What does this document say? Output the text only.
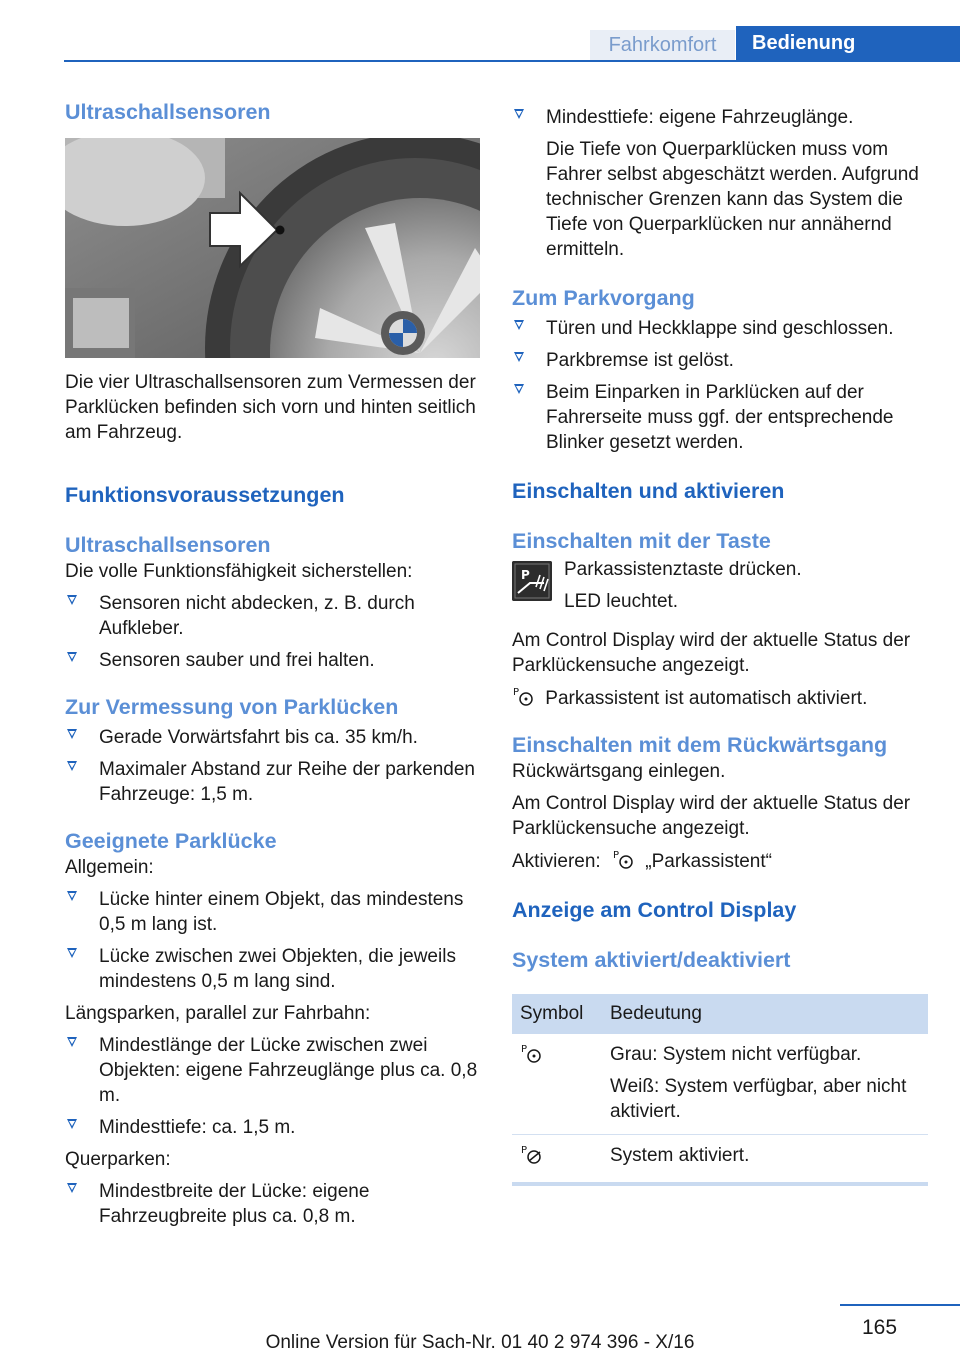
Fahrkomfort	Bedienung
Ultraschallsensoren

Die vier Ultraschallsensoren zum Vermessen der Parklücken befinden sich vorn und hinten seitlich am Fahrzeug.

Funktionsvoraussetzungen
Ultraschallsensoren

Die volle Funktionsfähigkeit sicherstellen:

Sensoren nicht abdecken, z. B. durch Aufkleber.
Sensoren sauber und frei halten.
Zur Vermessung von Parklücken
Gerade Vorwärtsfahrt bis ca. 35 km/h.
Maximaler Abstand zur Reihe der parkenden Fahrzeuge: 1,5 m.
Geeignete Parklücke

Allgemein:

Lücke hinter einem Objekt, das mindestens 0,5 m lang ist.
Lücke zwischen zwei Objekten, die jeweils mindestens 0,5 m lang sind.

Längsparken, parallel zur Fahrbahn:

Mindestlänge der Lücke zwischen zwei Objekten: eigene Fahrzeuglänge plus ca. 0,8 m.
Mindesttiefe: ca. 1,5 m.

Querparken:

Mindestbreite der Lücke: eigene Fahrzeugbreite plus ca. 0,8 m.
Mindesttiefe: eigene Fahrzeuglänge.

Die Tiefe von Querparklücken muss vom Fahrer selbst abgeschätzt werden. Aufgrund technischer Grenzen kann das System die Tiefe von Querparklücken nur annähernd ermitteln.

Zum Parkvorgang
Türen und Heckklappe sind geschlossen.
Parkbremse ist gelöst.
Beim Einparken in Parklücken auf der Fahrerseite muss ggf. der entsprechende Blinker gesetzt werden.
Einschalten und aktivieren
Einschalten mit der Taste
P Parkassistenztaste drücken.

LED leuchtet.

Am Control Display wird der aktuelle Status der Parklückensuche angezeigt.

P Parkassistent ist automatisch aktiviert.

Einschalten mit dem Rückwärtsgang

Rückwärtsgang einlegen.

Am Control Display wird der aktuelle Status der Parklückensuche angezeigt.

Aktivieren: P „Parkassistent“

Anzeige am Control Display
System aktiviert/deaktiviert
Symbol	Bedeutung

P	Grau: System nicht verfügbar.
Weiß: System verfügbar, aber nicht aktiviert.

P	System aktiviert.
165
Online Version für Sach-Nr. 01 40 2 974 396 - X/16
